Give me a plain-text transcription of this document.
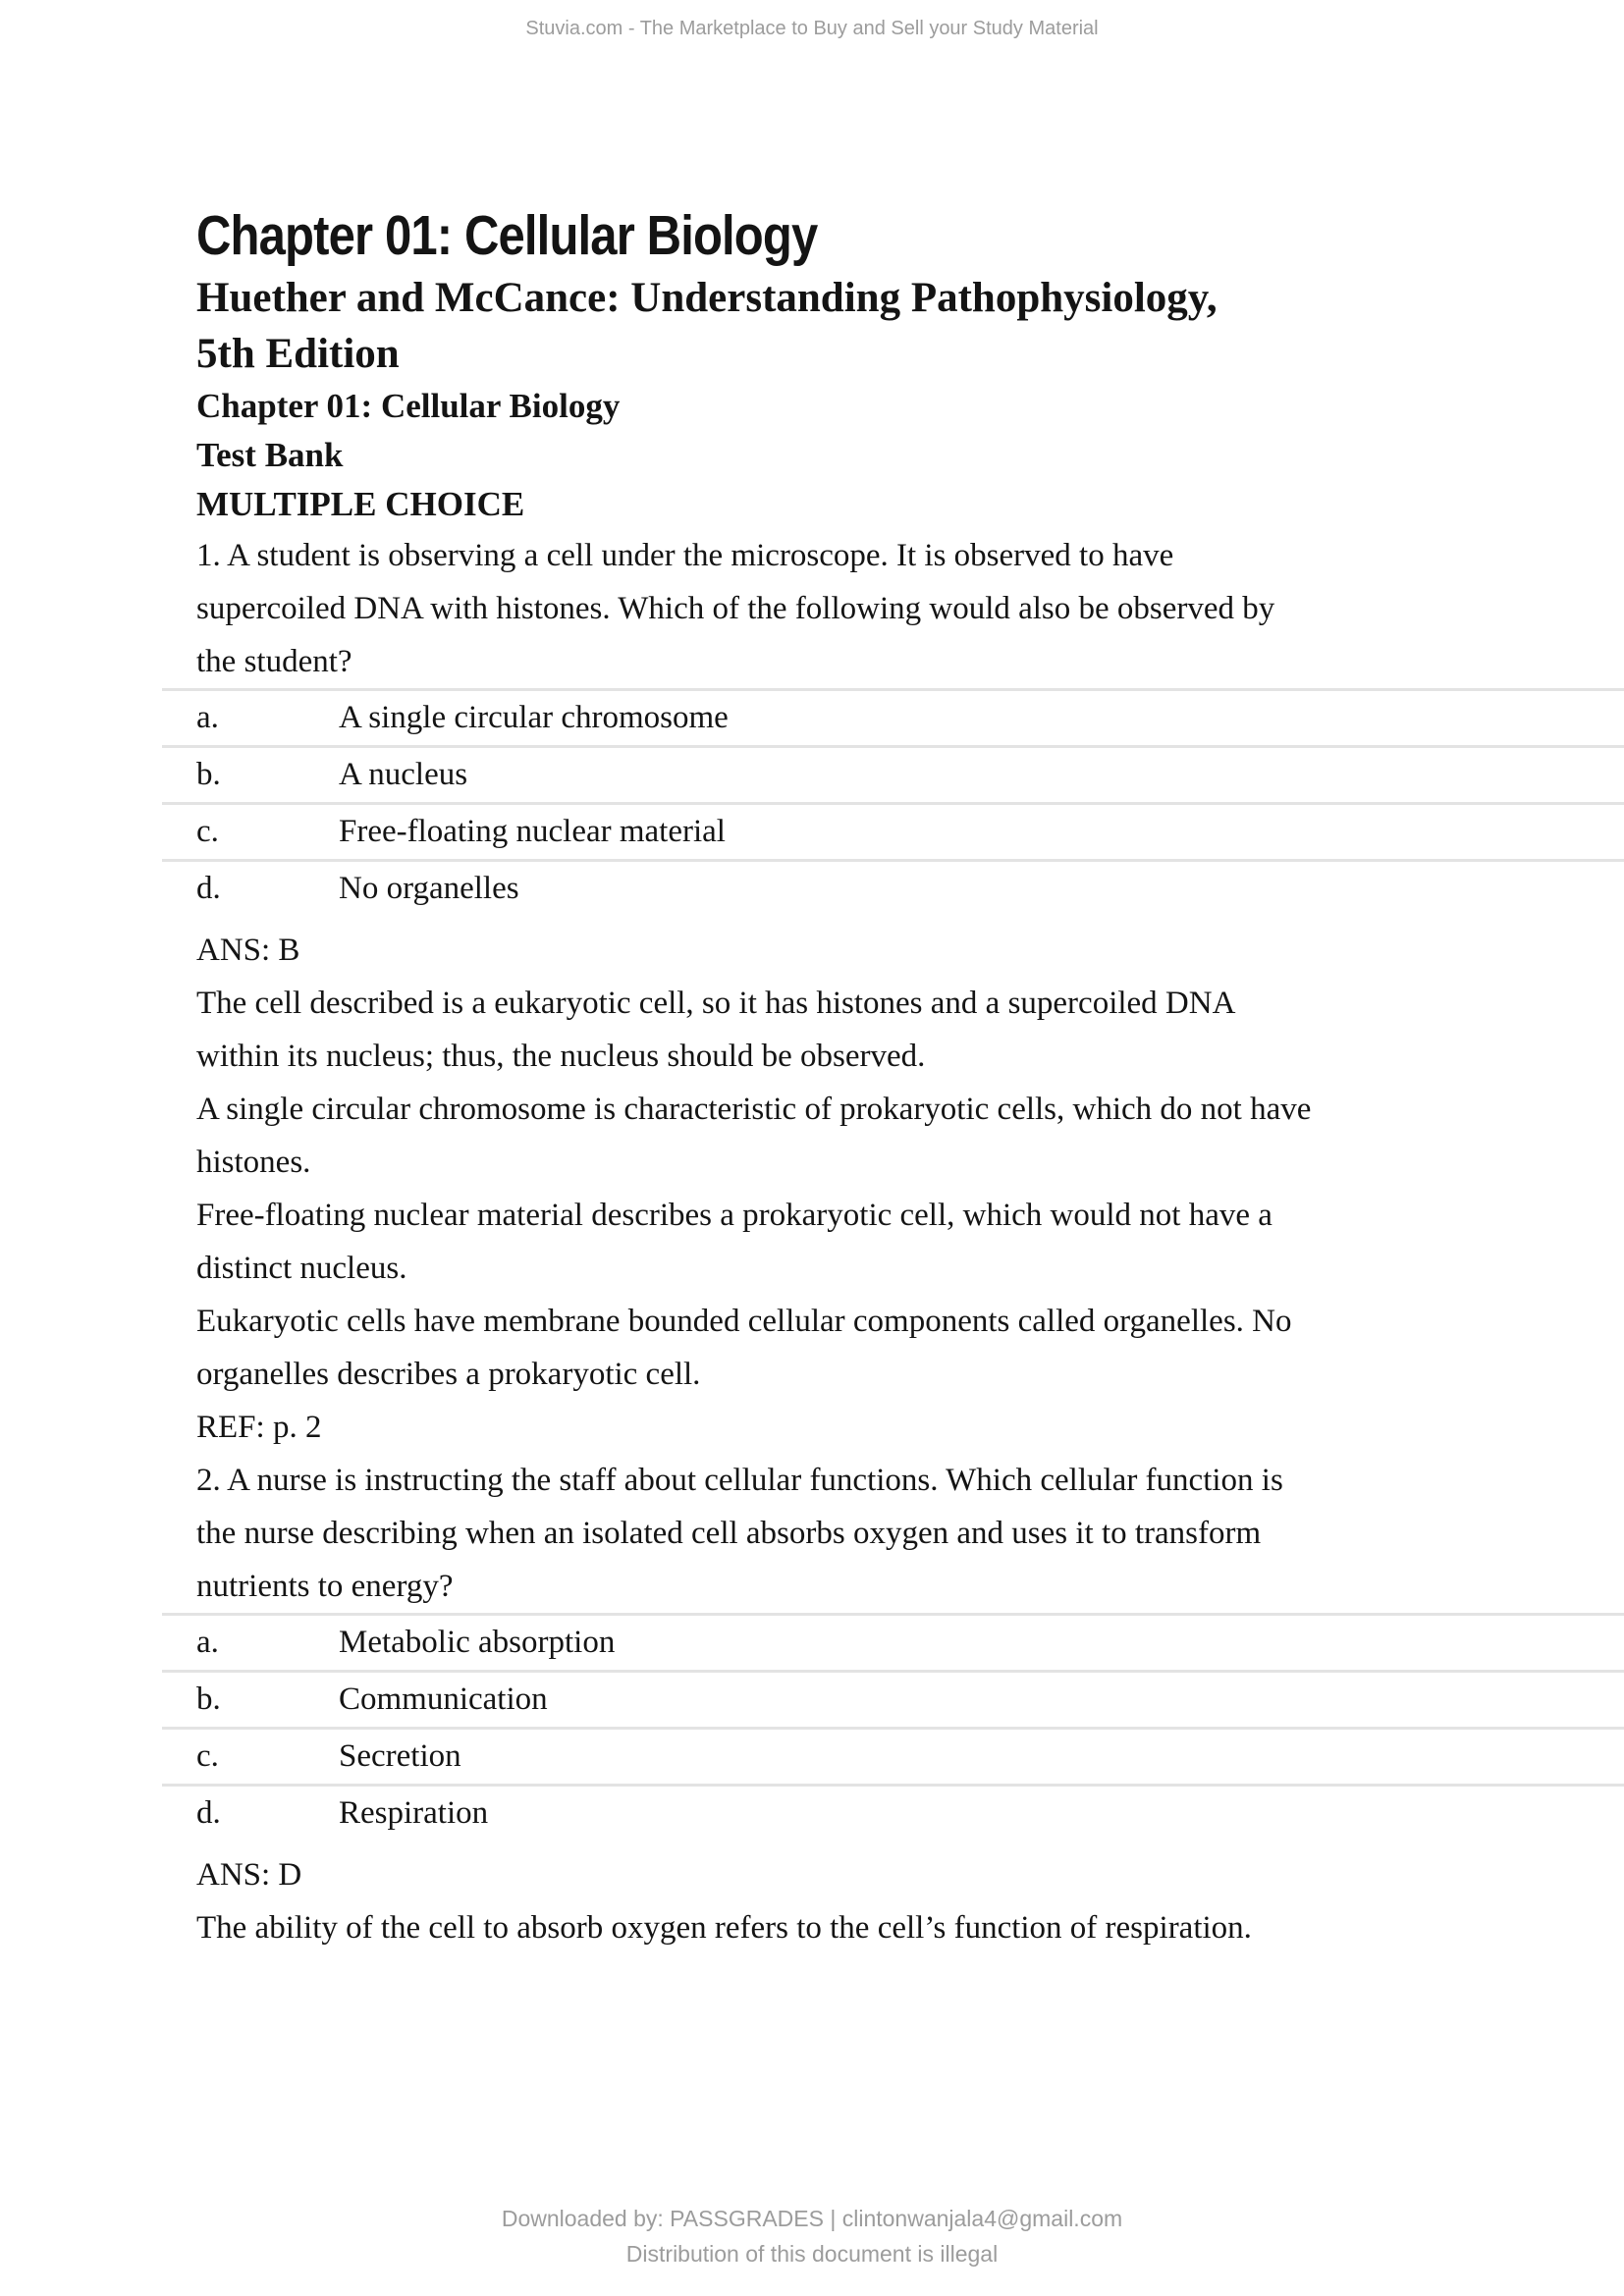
Stuvia.com - The Marketplace to Buy and Sell your Study Material
Chapter 01: Cellular Biology
Huether and McCance: Understanding Pathophysiology,
5th Edition
Chapter 01: Cellular Biology
Test Bank
MULTIPLE CHOICE
1. A student is observing a cell under the microscope. It is observed to have
supercoiled DNA with histones. Which of the following would also be observed by
the student?
a.	A single circular chromosome
b.	A nucleus
c.	Free-floating nuclear material
d.	No organelles
ANS: B
The cell described is a eukaryotic cell, so it has histones and a supercoiled DNA
within its nucleus; thus, the nucleus should be observed.
A single circular chromosome is characteristic of prokaryotic cells, which do not have
histones.
Free-floating nuclear material describes a prokaryotic cell, which would not have a
distinct nucleus.
Eukaryotic cells have membrane bounded cellular components called organelles. No
organelles describes a prokaryotic cell.
REF: p. 2
2. A nurse is instructing the staff about cellular functions. Which cellular function is
the nurse describing when an isolated cell absorbs oxygen and uses it to transform
nutrients to energy?
a.	Metabolic absorption
b.	Communication
c.	Secretion
d.	Respiration
ANS: D
The ability of the cell to absorb oxygen refers to the cell’s function of respiration.
Downloaded by: PASSGRADES | clintonwanjala4@gmail.com
Distribution of this document is illegal
